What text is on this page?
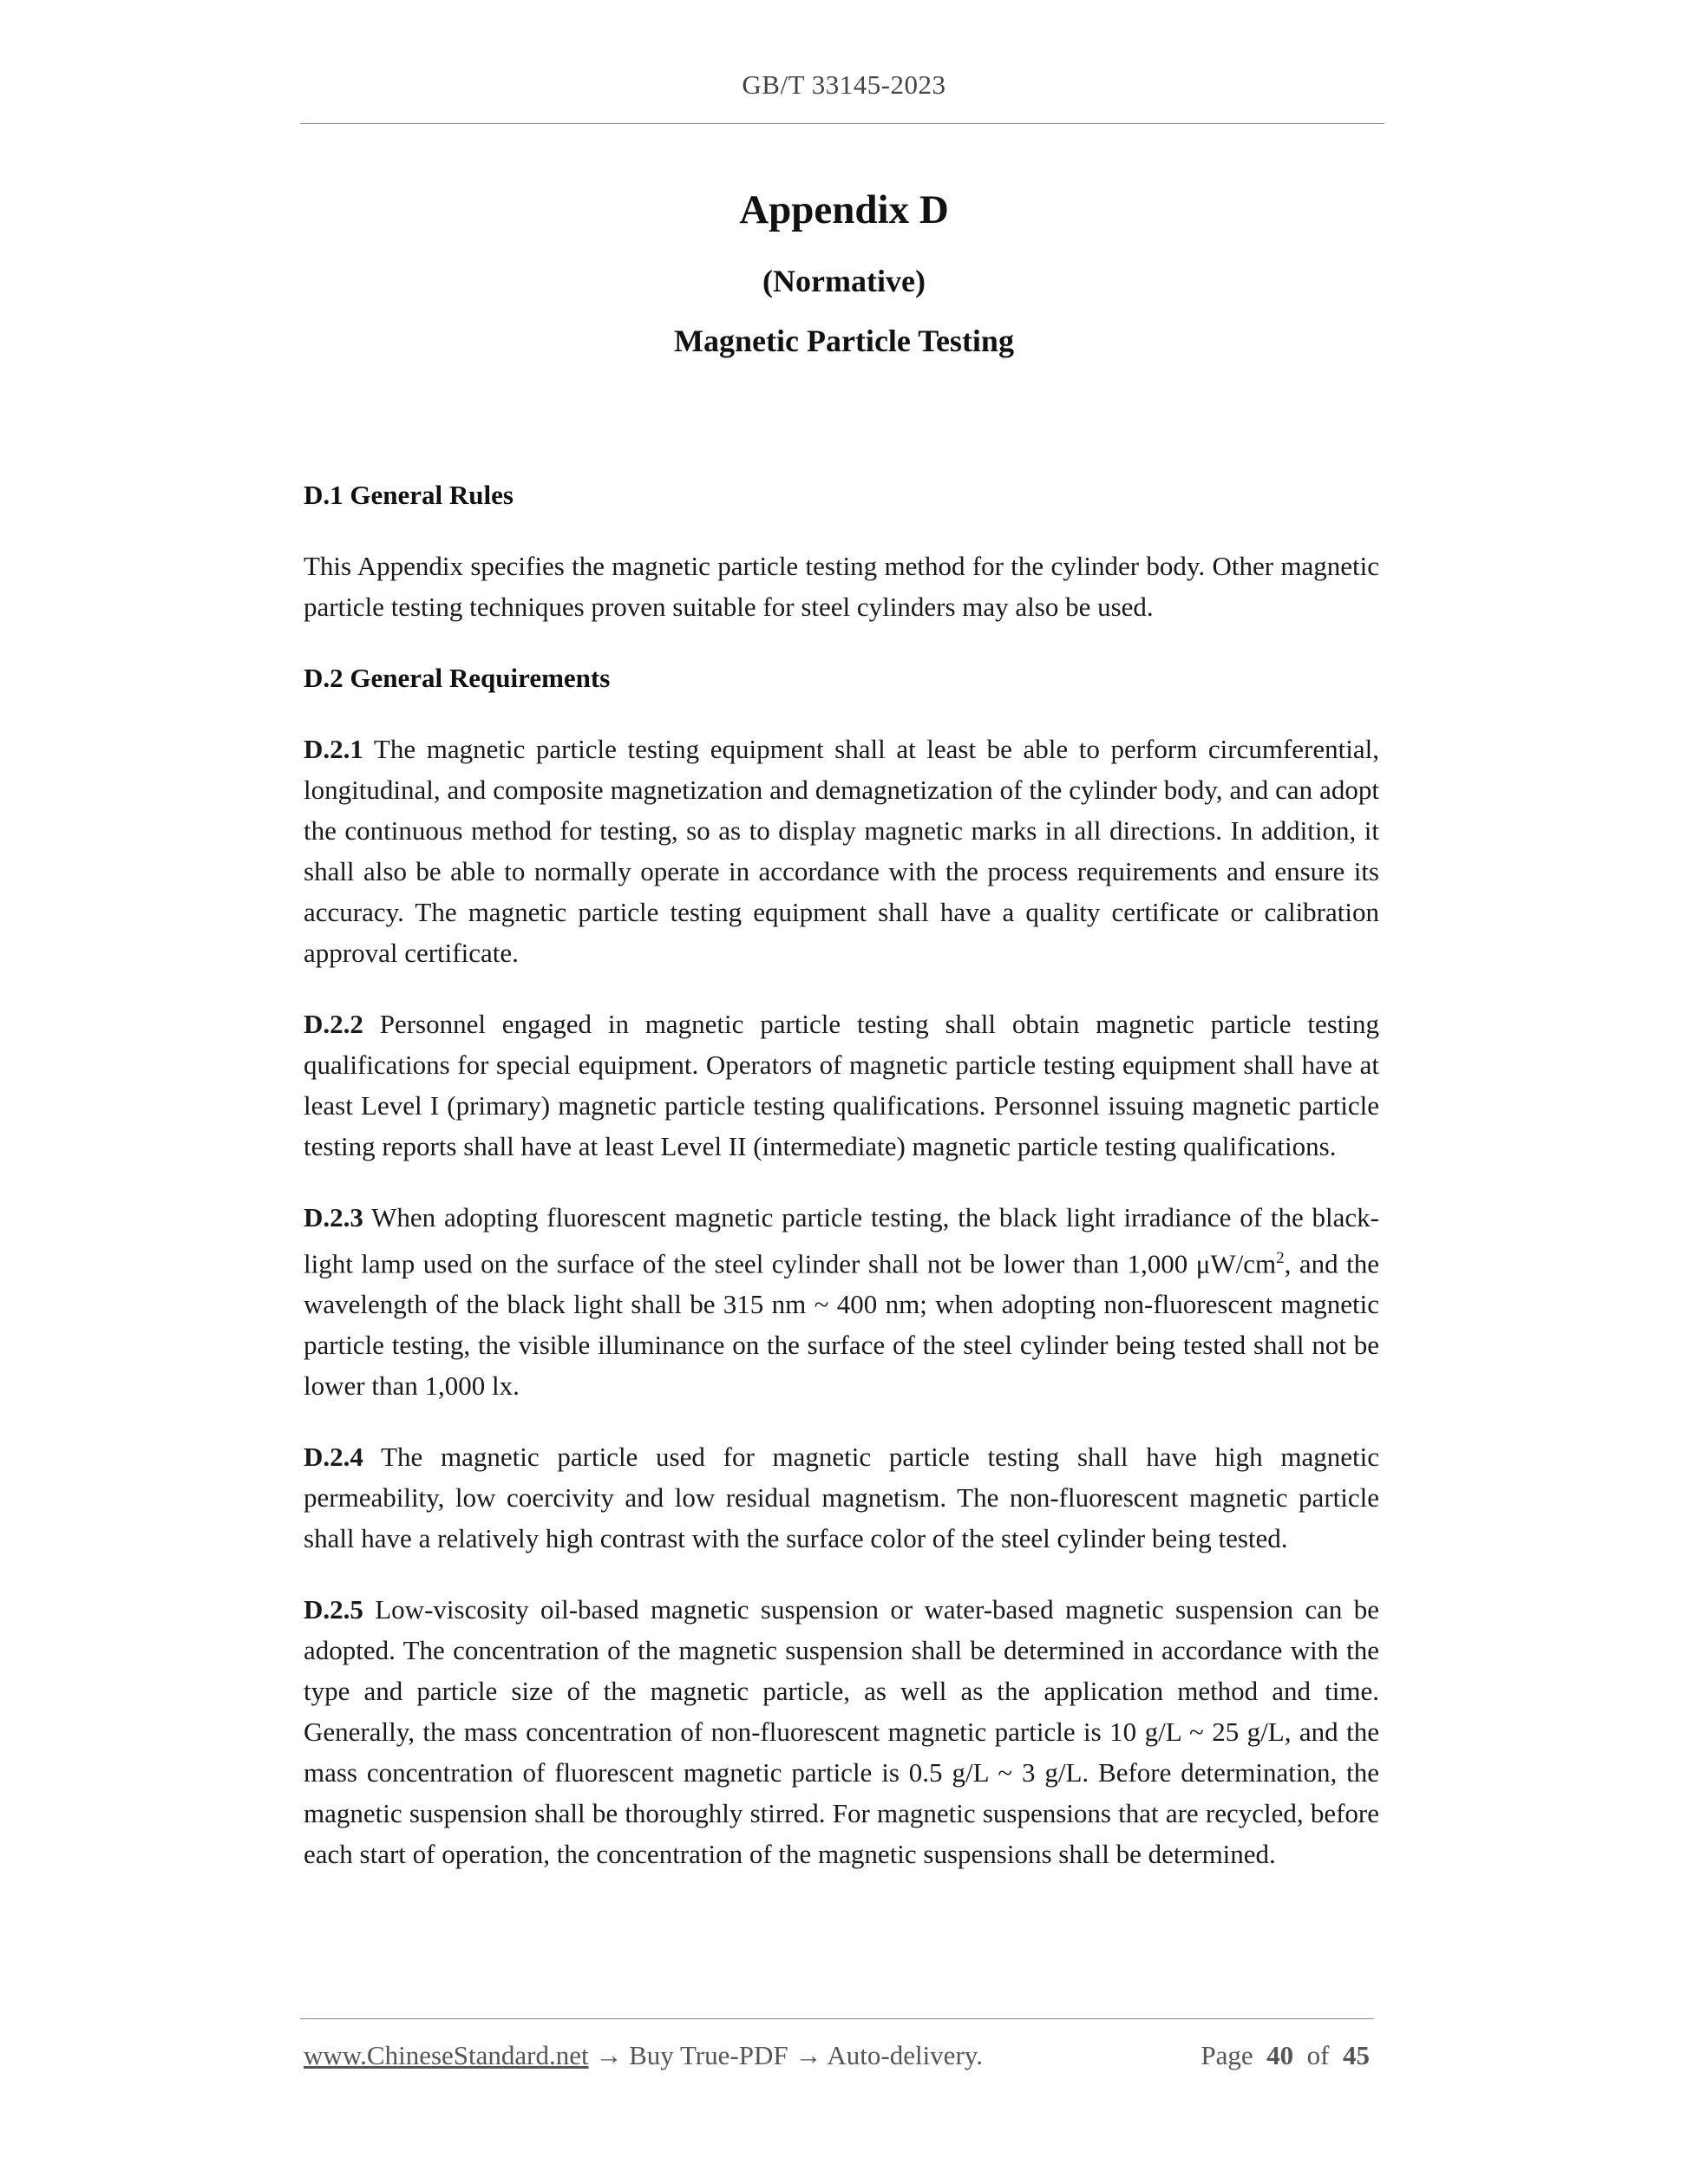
GB/T 33145-2023
Appendix D
(Normative)
Magnetic Particle Testing
D.1 General Rules

This Appendix specifies the magnetic particle testing method for the cylinder body. Other magnetic particle testing techniques proven suitable for steel cylinders may also be used.

D.2 General Requirements

D.2.1 The magnetic particle testing equipment shall at least be able to perform circumferential, longitudinal, and composite magnetization and demagnetization of the cylinder body, and can adopt the continuous method for testing, so as to display magnetic marks in all directions. In addition, it shall also be able to normally operate in accordance with the process requirements and ensure its accuracy. The magnetic particle testing equipment shall have a quality certificate or calibration approval certificate.

D.2.2 Personnel engaged in magnetic particle testing shall obtain magnetic particle testing qualifications for special equipment. Operators of magnetic particle testing equipment shall have at least Level I (primary) magnetic particle testing qualifications. Personnel issuing magnetic particle testing reports shall have at least Level II (intermediate) magnetic particle testing qualifications.

D.2.3 When adopting fluorescent magnetic particle testing, the black light irradiance of the black-light lamp used on the surface of the steel cylinder shall not be lower than 1,000 $\mu W/cm^2$, and the wavelength of the black light shall be 315 nm ~ 400 nm; when adopting non-fluorescent magnetic particle testing, the visible illuminance on the surface of the steel cylinder being tested shall not be lower than 1,000 lx.

D.2.4 The magnetic particle used for magnetic particle testing shall have high magnetic permeability, low coercivity and low residual magnetism. The non-fluorescent magnetic particle shall have a relatively high contrast with the surface color of the steel cylinder being tested.

D.2.5 Low-viscosity oil-based magnetic suspension or water-based magnetic suspension can be adopted. The concentration of the magnetic suspension shall be determined in accordance with the type and particle size of the magnetic particle, as well as the application method and time. Generally, the mass concentration of non-fluorescent magnetic particle is 10 g/L ~ 25 g/L, and the mass concentration of fluorescent magnetic particle is 0.5 g/L ~ 3 g/L. Before determination, the magnetic suspension shall be thoroughly stirred. For magnetic suspensions that are recycled, before each start of operation, the concentration of the magnetic suspensions shall be determined.

www.ChineseStandard.net → Buy True-PDF → Auto-delivery.	Page 40 of 45
